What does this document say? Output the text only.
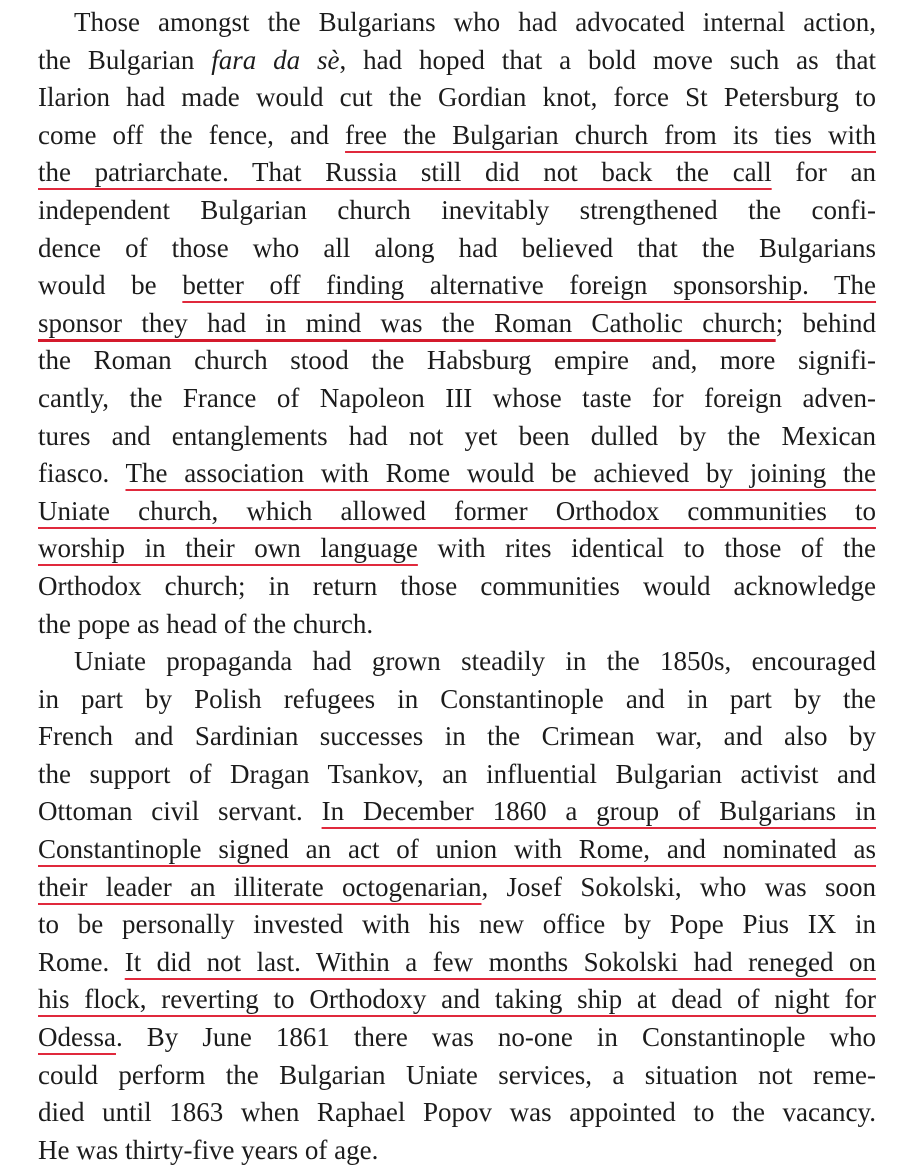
Those amongst the Bulgarians who had advocated internal action,
the Bulgarian fara da sè, had hoped that a bold move such as that
Ilarion had made would cut the Gordian knot, force St Petersburg to
come off the fence, and free the Bulgarian church from its ties with
the patriarchate. That Russia still did not back the call for an
independent Bulgarian church inevitably strengthened the confi-
dence of those who all along had believed that the Bulgarians
would be better off finding alternative foreign sponsorship. The
sponsor they had in mind was the Roman Catholic church; behind
the Roman church stood the Habsburg empire and, more signifi-
cantly, the France of Napoleon III whose taste for foreign adven-
tures and entanglements had not yet been dulled by the Mexican
fiasco. The association with Rome would be achieved by joining the
Uniate church, which allowed former Orthodox communities to
worship in their own language with rites identical to those of the
Orthodox church; in return those communities would acknowledge
the pope as head of the church.
Uniate propaganda had grown steadily in the 1850s, encouraged
in part by Polish refugees in Constantinople and in part by the
French and Sardinian successes in the Crimean war, and also by
the support of Dragan Tsankov, an influential Bulgarian activist and
Ottoman civil servant. In December 1860 a group of Bulgarians in
Constantinople signed an act of union with Rome, and nominated as
their leader an illiterate octogenarian, Josef Sokolski, who was soon
to be personally invested with his new office by Pope Pius IX in
Rome. It did not last. Within a few months Sokolski had reneged on
his flock, reverting to Orthodoxy and taking ship at dead of night for
Odessa. By June 1861 there was no-one in Constantinople who
could perform the Bulgarian Uniate services, a situation not reme-
died until 1863 when Raphael Popov was appointed to the vacancy.
He was thirty-five years of age.
